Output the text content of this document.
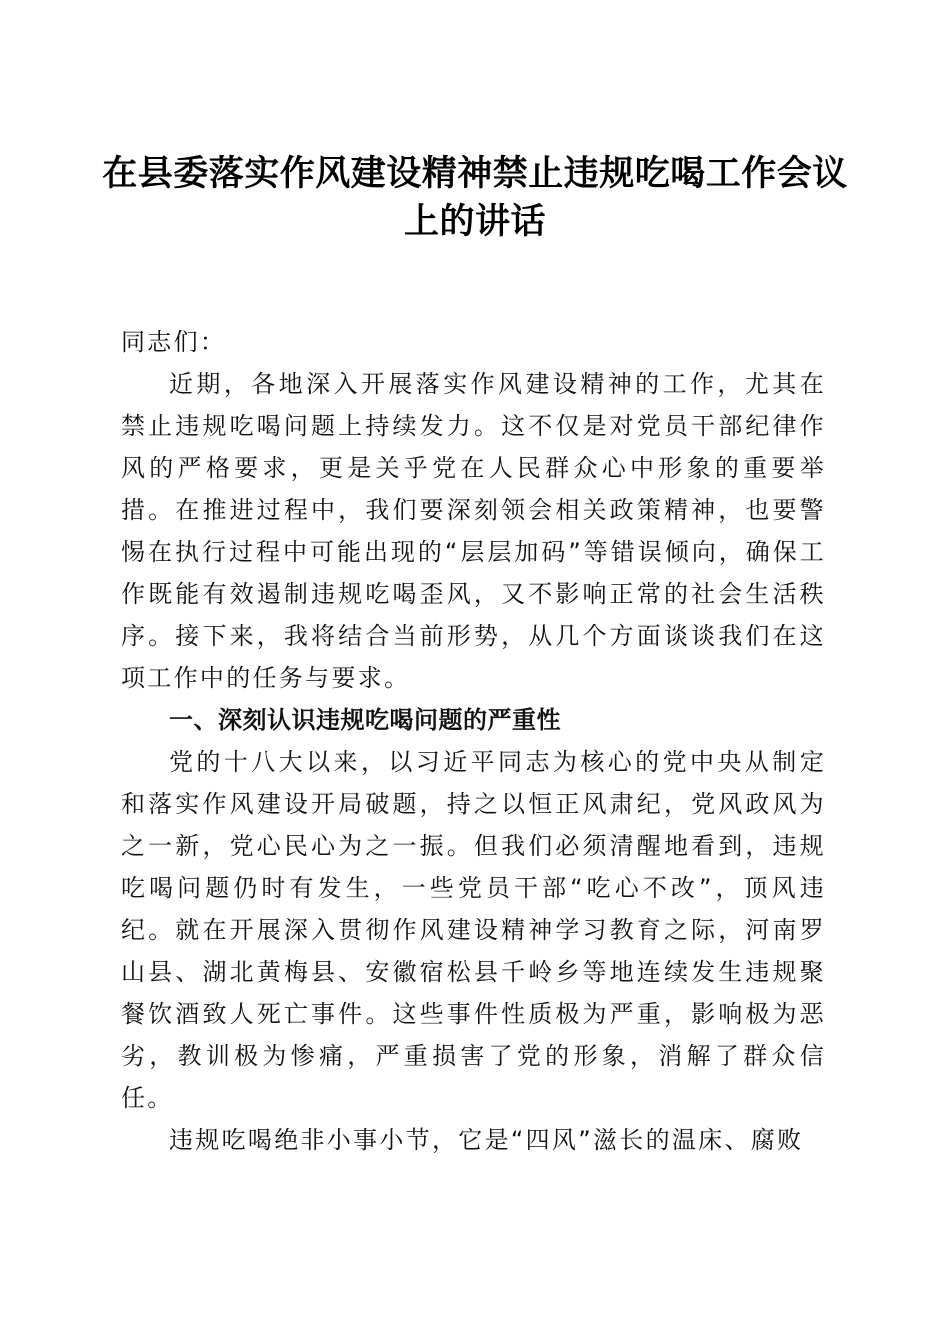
在县委落实作风建设精神禁止违规吃喝工作会议上的讲话

同志们：

近期，各地深入开展落实作风建设精神的工作，尤其在禁止违规吃喝问题上持续发力。这不仅是对党员干部纪律作风的严格要求，更是关乎党在人民群众心中形象的重要举措。在推进过程中，我们要深刻领会相关政策精神，也要警惕在执行过程中可能出现的“层层加码”等错误倾向，确保工作既能有效遏制违规吃喝歪风，又不影响正常的社会生活秩序。接下来，我将结合当前形势，从几个方面谈谈我们在这项工作中的任务与要求。

一、深刻认识违规吃喝问题的严重性

党的十八大以来，以习近平同志为核心的党中央从制定和落实作风建设开局破题，持之以恒正风肃纪，党风政风为之一新，党心民心为之一振。但我们必须清醒地看到，违规吃喝问题仍时有发生，一些党员干部“吃心不改”，顶风违纪。就在开展深入贯彻作风建设精神学习教育之际，河南罗山县、湖北黄梅县、安徽宿松县千岭乡等地连续发生违规聚餐饮酒致人死亡事件。这些事件性质极为严重，影响极为恶劣，教训极为惨痛，严重损害了党的形象，消解了群众信任。

违规吃喝绝非小事小节，它是“四风”滋长的温床、腐败
